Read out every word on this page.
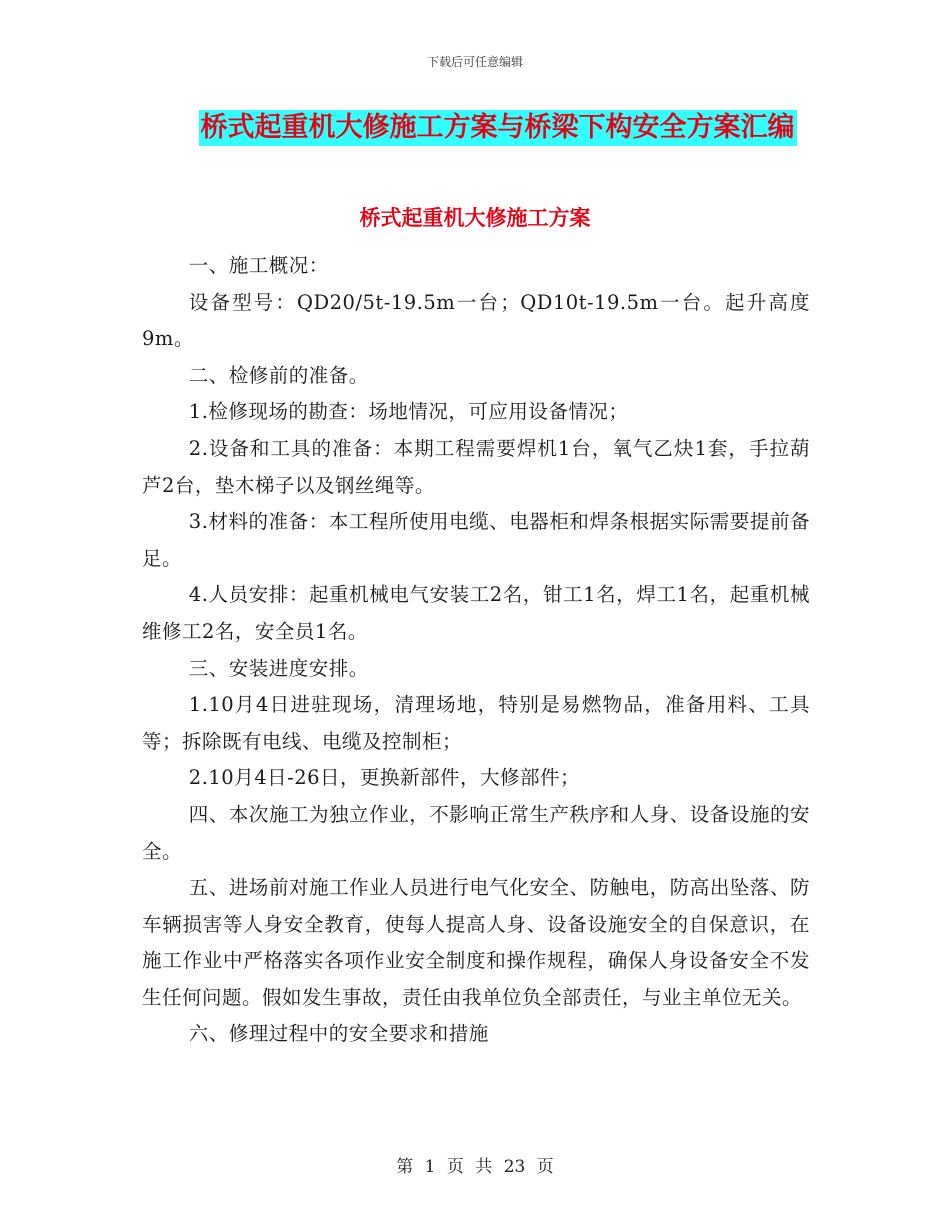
下载后可任意编辑
桥式起重机大修施工方案与桥梁下构安全方案汇编
桥式起重机大修施工方案

一、施工概况：

设备型号：QD20/5t-19.5m一台；QD10t-19.5m一台。起升高度9m。

二、检修前的准备。

1.检修现场的勘查：场地情况，可应用设备情况；

2.设备和工具的准备：本期工程需要焊机1台，氧气乙炔1套，手拉葫芦2台，垫木梯子以及钢丝绳等。

3.材料的准备：本工程所使用电缆、电器柜和焊条根据实际需要提前备足。

4.人员安排：起重机械电气安装工2名，钳工1名，焊工1名，起重机械维修工2名，安全员1名。

三、安装进度安排。

1.10月4日进驻现场，清理场地，特别是易燃物品，准备用料、工具等；拆除既有电线、电缆及控制柜；

2.10月4日-26日，更换新部件，大修部件；

四、本次施工为独立作业，不影响正常生产秩序和人身、设备设施的安全。

五、进场前对施工作业人员进行电气化安全、防触电，防高出坠落、防车辆损害等人身安全教育，使每人提高人身、设备设施安全的自保意识，在施工作业中严格落实各项作业安全制度和操作规程，确保人身设备安全不发生任何问题。假如发生事故，责任由我单位负全部责任，与业主单位无关。

六、修理过程中的安全要求和措施

第 1 页 共 23 页
